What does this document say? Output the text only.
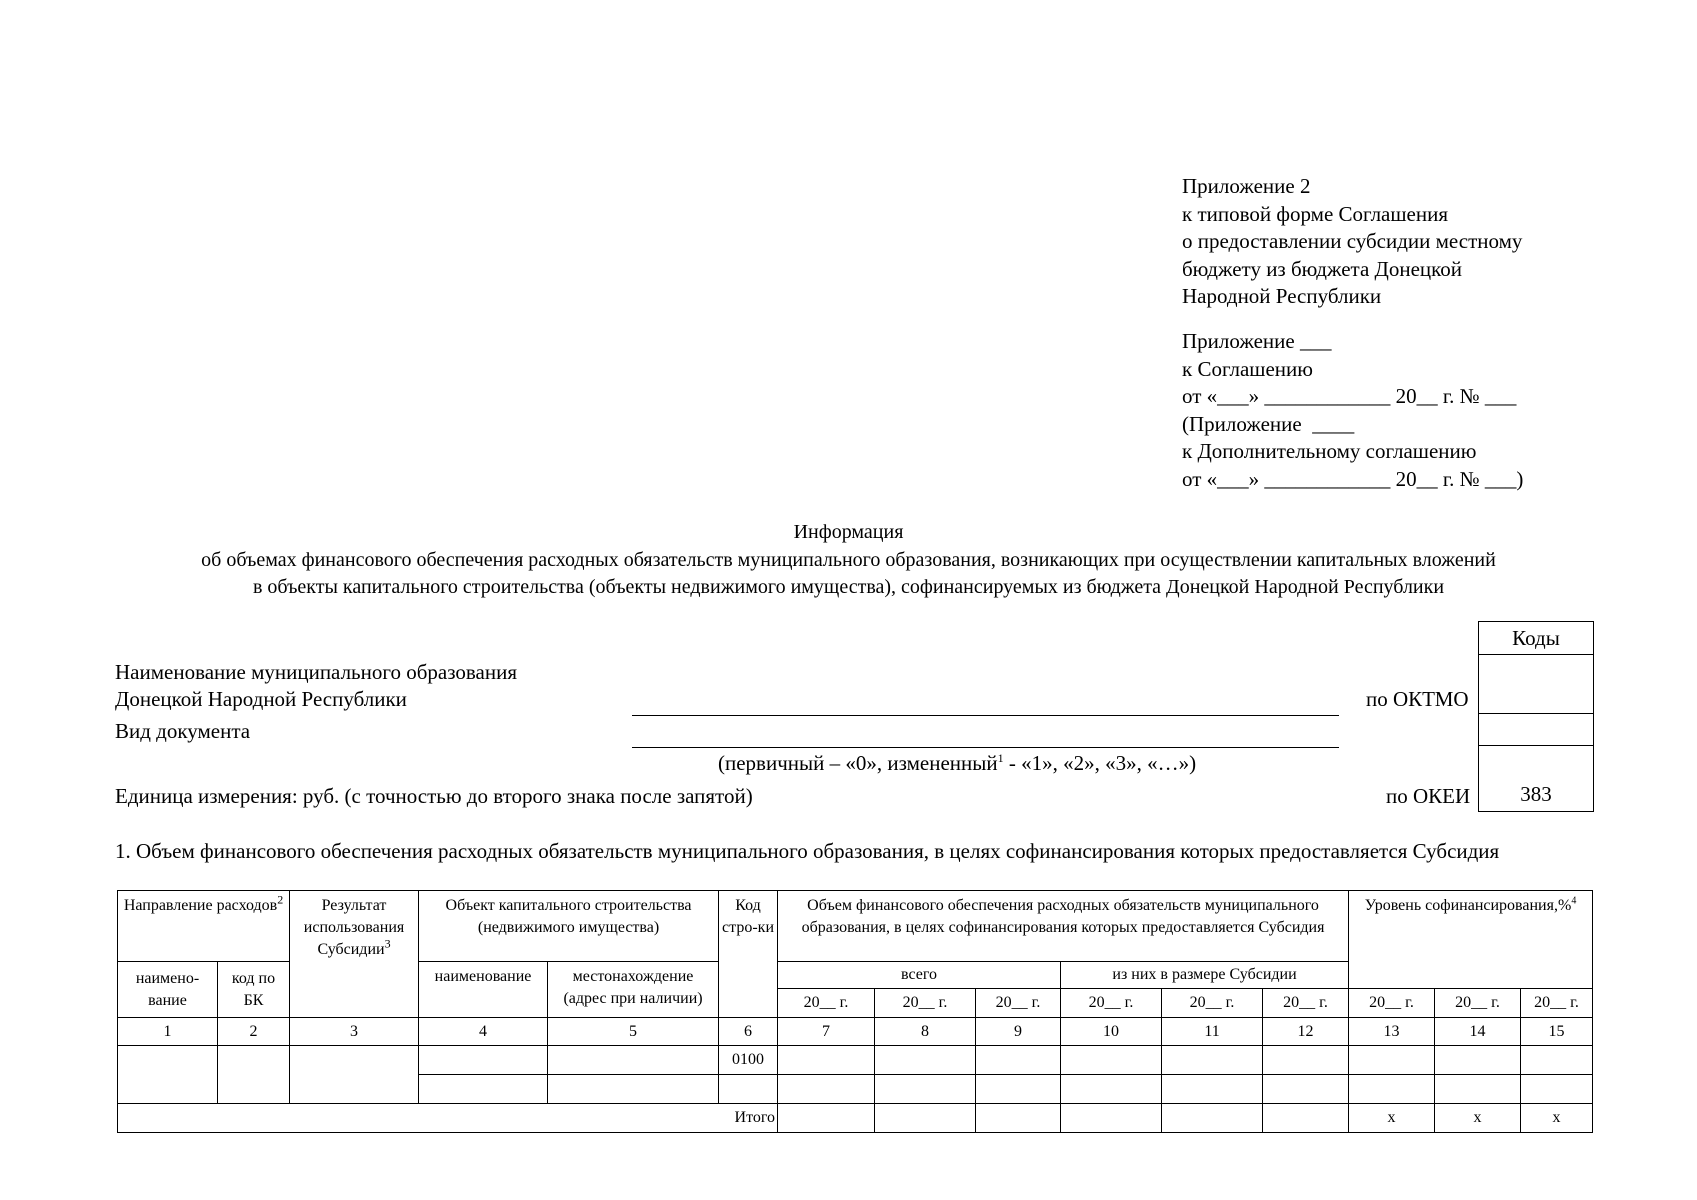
Приложение 2
к типовой форме Соглашения
о предоставлении субсидии местному
бюджету из бюджета Донецкой
Народной Республики
Приложение ___
к Соглашению
от «___» ____________ 20__ г. № ___
(Приложение  ____
к Дополнительному соглашению
от «___» ____________ 20__ г. № ___)
Информация
об объемах финансового обеспечения расходных обязательств муниципального образования, возникающих при осуществлении капитальных вложений
в объекты капитального строительства (объекты недвижимого имущества), софинансируемых из бюджета Донецкой Народной Республики
Наименование муниципального образования
Донецкой Народной Республики	по ОКТМО
Вид документа
(первичный – «0», измененный$^1$ - «1», «2», «3», «…»)
Единица измерения: руб. (с точностью до второго знака после запятой)	по ОКЕИ
Коды

383
1. Объем финансового обеспечения расходных обязательств муниципального образования, в целях софинансирования которых предоставляется Субсидия
Направление расходов$^2$		Результат использования Субсидии$^3$	Объект капитального строительства (недвижимого имущества)		Код стро-ки	Объем финансового обеспечения расходных обязательств муниципального образования, в целях софинансирования которых предоставляется Субсидия						Уровень софинансирования,%$^4$
наимено-вание	код по БК		наименование	местонахождение (адрес при наличии)		всего			из них в размере Субсидии					
						20__ г.	20__ г.	20__ г.	20__ г.	20__ г.	20__ г.	20__ г.	20__ г.	20__ г.
1	2	3	4	5	6	7	8	9	10	11	12	13	14	15
					0100									

Итого												x	x	x
